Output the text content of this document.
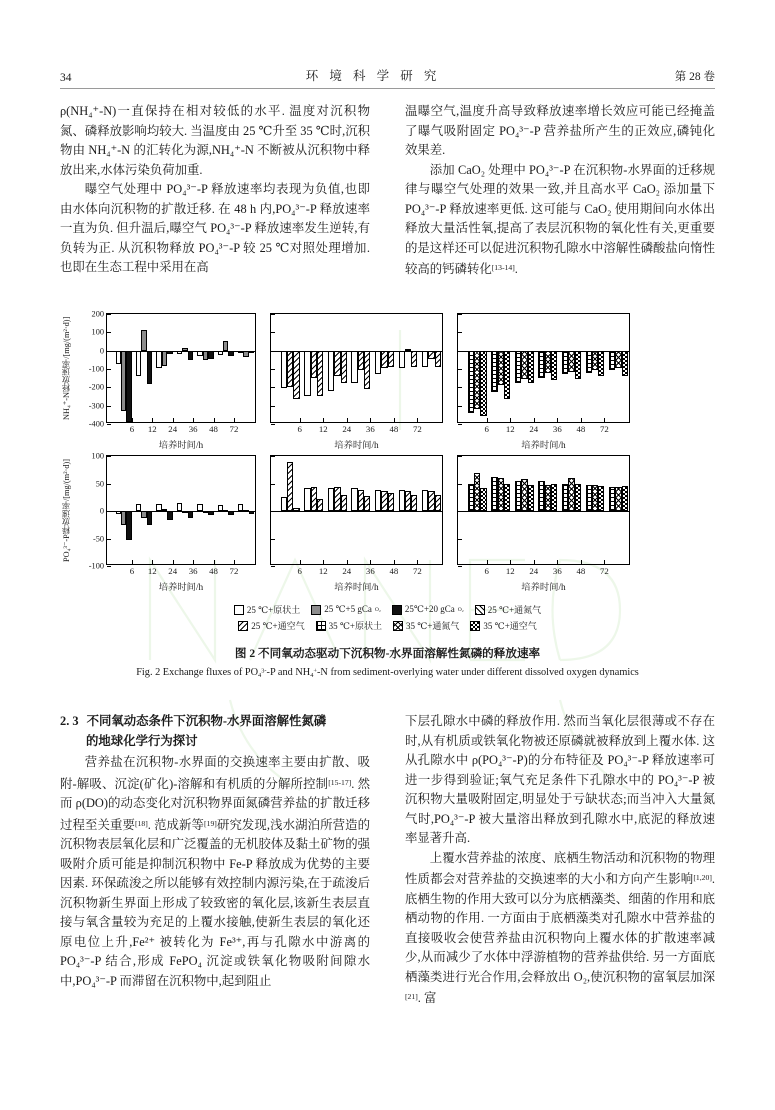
34	环 境 科 学 研 究	第 28 卷

ρ(NH₄⁺-N)一直保持在相对较低的水平. 温度对沉积物氮、磷释放影响均较大. 当温度由 25 ℃升至 35 ℃时,沉积物由 NH₄⁺-N 的汇转化为源,NH₄⁺-N 不断被从沉积物中释放出来,水体污染负荷加重.

曝空气处理中 PO₄³⁻-P 释放速率均表现为负值,也即由水体向沉积物的扩散迁移. 在 48 h 内,PO₄³⁻-P 释放速率一直为负. 但升温后,曝空气 PO₄³⁻-P 释放速率发生逆转,有负转为正. 从沉积物释放 PO₄³⁻-P 较 25 ℃对照处理增加. 也即在生态工程中采用在高

温曝空气,温度升高导致释放速率增长效应可能已经掩盖了曝气吸附固定 PO₄³⁻-P 营养盐所产生的正效应,磷钝化效果差.

添加 CaO₂ 处理中 PO₄³⁻-P 在沉积物-水界面的迁移规律与曝空气处理的效果一致,并且高水平 CaO₂ 添加量下 PO₄³⁻-P 释放速率更低. 这可能与 CaO₂ 使用期间向水体出释放大量活性氧,提高了表层沉积物的氧化性有关,更重要的是这样还可以促进沉积物孔隙水中溶解性磷酸盐向惰性较高的钙磷转化[13-14].

NH₄⁺-N释放速率/[mg/(m²·d)]
-400
-300
-200
-100
0
100
200
6 12 24 36 48 72
培养时间/h
6 12 24 36 48 72
培养时间/h
6 12 24 36 48 72
培养时间/h
PO₄³⁻-P释放速率/[mg/(m²·d)]
-100
-50
0
50
100
6 12 24 36 48 72
培养时间/h
6 12 24 36 48 72
培养时间/h
6 12 24 36 48 72
培养时间/h
25 ℃+原状土	25 ℃+5 gCa O₂	25℃+20 gCa O₂	25 ℃+通氮气
25 ℃+通空气	35 ℃+原状土	35 ℃+通氮气	35 ℃+通空气
图 2 不同氧动态驱动下沉积物-水界面溶解性氮磷的释放速率
Fig. 2 Exchange fluxes of $PO_4^{3-}-P$ and $NH_4^+-N$ from sediment-overlying water under different dissolved oxygen dynamics
2. 3 不同氧动态条件下沉积物-水界面溶解性氮磷
的地球化学行为探讨

营养盐在沉积物-水界面的交换速率主要由扩散、吸附-解吸、沉淀(矿化)-溶解和有机质的分解所控制[15-17]. 然而 ρ(DO)的动态变化对沉积物界面氮磷营养盐的扩散迁移过程至关重要[18]. 范成新等[19]研究发现,浅水湖泊所营造的沉积物表层氧化层和广泛覆盖的无机胶体及黏土矿物的强吸附介质可能是抑制沉积物中 Fe-P 释放成为优势的主要因素. 环保疏浚之所以能够有效控制内源污染,在于疏浚后沉积物新生界面上形成了较致密的氧化层,该新生表层直接与氧含量较为充足的上覆水接触,使新生表层的氧化还原电位上升,Fe²⁺ 被转化为 Fe³⁺,再与孔隙水中游离的 PO₄³⁻-P 结合,形成 FePO₄ 沉淀或铁氧化物吸附间隙水中,PO₄³⁻-P 而滞留在沉积物中,起到阻止

下层孔隙水中磷的释放作用. 然而当氧化层很薄或不存在时,从有机质或铁氧化物被还原磷就被释放到上覆水体. 这从孔隙水中 ρ(PO₄³⁻-P)的分布特征及 PO₄³⁻-P 释放速率可进一步得到验证;氧气充足条件下孔隙水中的 PO₄³⁻-P 被沉积物大量吸附固定,明显处于亏缺状态;而当冲入大量氮气时,PO₄³⁻-P 被大量溶出释放到孔隙水中,底泥的释放速率显著升高.

上覆水营养盐的浓度、底栖生物活动和沉积物的物理性质都会对营养盐的交换速率的大小和方向产生影响[1,20]. 底栖生物的作用大致可以分为底栖藻类、细菌的作用和底栖动物的作用. 一方面由于底栖藻类对孔隙水中营养盐的直接吸收会使营养盐由沉积物向上覆水体的扩散速率减少,从而减少了水体中浮游植物的营养盐供给. 另一方面底栖藻类进行光合作用,会释放出 O₂,使沉积物的富氧层加深[21]. 富
